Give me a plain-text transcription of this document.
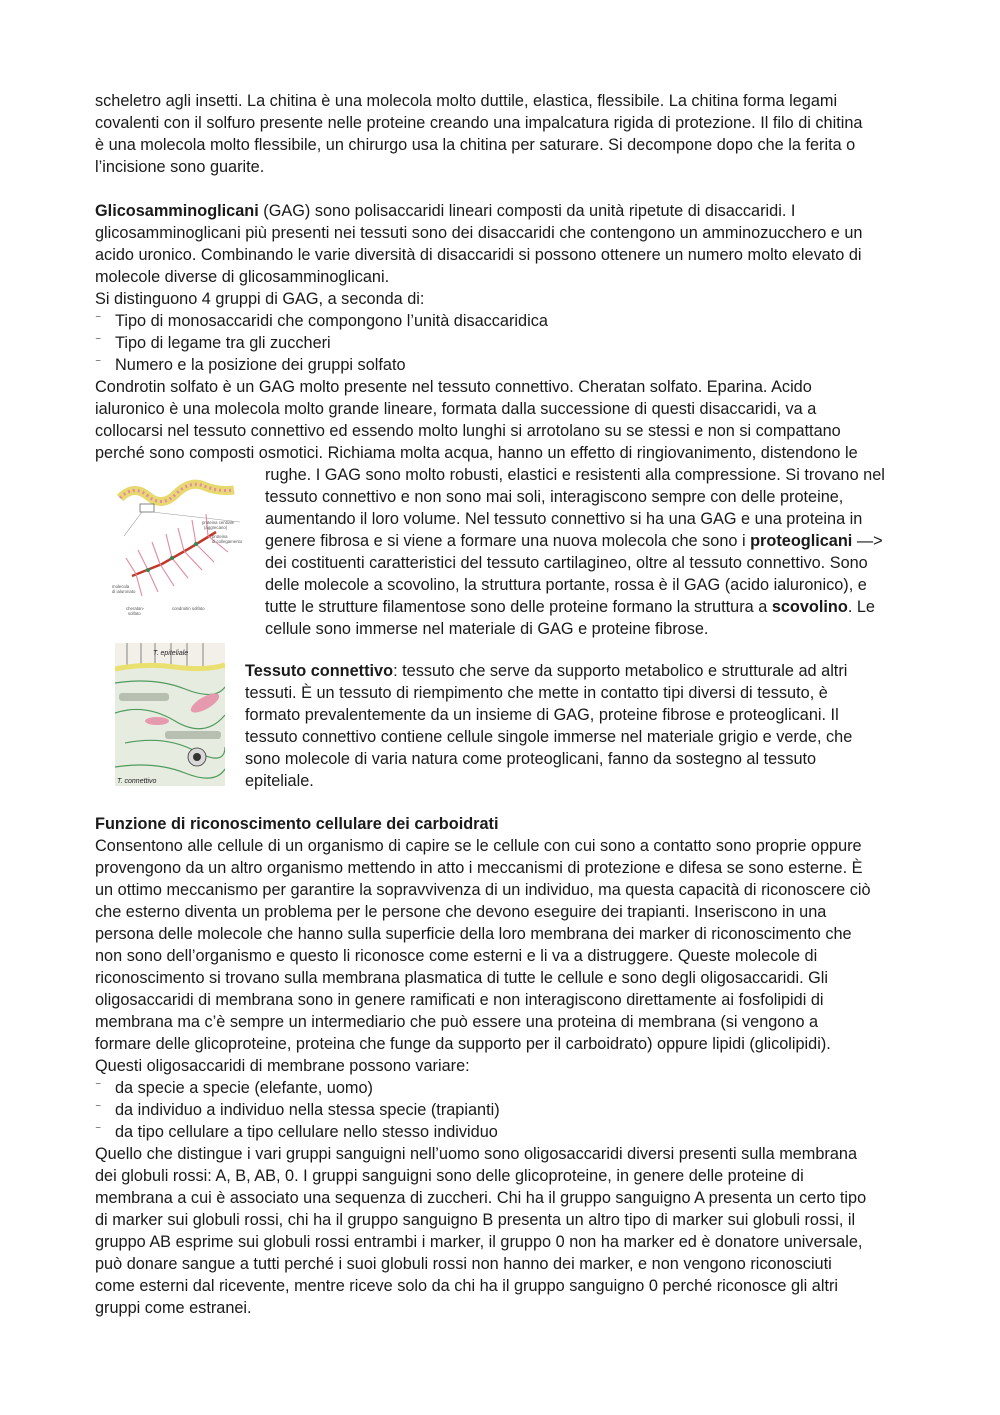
scheletro agli insetti. La chitina è una molecola molto duttile, elastica, flessibile. La chitina forma legami
covalenti con il solfuro presente nelle proteine creando una impalcatura rigida di protezione. Il filo di chitina
è una molecola molto flessibile, un chirurgo usa la chitina per saturare. Si decompone dopo che la ferita o
l’incisione sono guarite.
Glicosamminoglicani (GAG) sono polisaccaridi lineari composti da unità ripetute di disaccaridi. I
glicosamminoglicani più presenti nei tessuti sono dei disaccaridi che contengono un amminozucchero e un
acido uronico. Combinando le varie diversità di disaccaridi si possono ottenere un numero molto elevato di
molecole diverse di glicosamminoglicani.
Si distinguono 4 gruppi di GAG, a seconda di:
⁻ Tipo di monosaccaridi che compongono l’unità disaccaridica
⁻ Tipo di legame tra gli zuccheri
⁻ Numero e la posizione dei gruppi solfato
Condrotin solfato è un GAG molto presente nel tessuto connettivo. Cheratan solfato. Eparina. Acido
ialuronico è una molecola molto grande lineare, formata dalla successione di questi disaccaridi, va a
collocarsi nel tessuto connettivo ed essendo molto lunghi si arrotolano su se stessi e non si compattano
perché sono composti osmotici. Richiama molta acqua, hanno un effetto di ringiovanimento, distendono le
rughe. I GAG sono molto robusti, elastici e resistenti alla compressione. Si trovano nel
tessuto connettivo e non sono mai soli, interagiscono sempre con delle proteine,
aumentando il loro volume. Nel tessuto connettivo si ha una GAG e una proteina in
genere fibrosa e si viene a formare una nuova molecola che sono i proteoglicani —>
dei costituenti caratteristici del tessuto cartilagineo, oltre al tessuto connettivo. Sono
delle molecole a scovolino, la struttura portante, rossa è il GAG (acido ialuronico), e
tutte le strutture filamentose sono delle proteine formano la struttura a scovolino. Le
cellule sono immerse nel materiale di GAG e proteine fibrose.
proteina centrale
(aggrecano)
proteina
di collegamento
molecola
di ialuronato
cheratan-
solfato
condroitin solfato
T. epiteliale
T. connettivo
Tessuto connettivo: tessuto che serve da supporto metabolico e strutturale ad altri
tessuti. È un tessuto di riempimento che mette in contatto tipi diversi di tessuto, è
formato prevalentemente da un insieme di GAG, proteine fibrose e proteoglicani. Il
tessuto connettivo contiene cellule singole immerse nel materiale grigio e verde, che
sono molecole di varia natura come proteoglicani, fanno da sostegno al tessuto
epiteliale.
Funzione di riconoscimento cellulare dei carboidrati
Consentono alle cellule di un organismo di capire se le cellule con cui sono a contatto sono proprie oppure
provengono da un altro organismo mettendo in atto i meccanismi di protezione e difesa se sono esterne. È
un ottimo meccanismo per garantire la sopravvivenza di un individuo, ma questa capacità di riconoscere ciò
che esterno diventa un problema per le persone che devono eseguire dei trapianti. Inseriscono in una
persona delle molecole che hanno sulla superficie della loro membrana dei marker di riconoscimento che
non sono dell’organismo e questo li riconosce come esterni e li va a distruggere. Queste molecole di
riconoscimento si trovano sulla membrana plasmatica di tutte le cellule e sono degli oligosaccaridi. Gli
oligosaccaridi di membrana sono in genere ramificati e non interagiscono direttamente ai fosfolipidi di
membrana ma c’è sempre un intermediario che può essere una proteina di membrana (si vengono a
formare delle glicoproteine, proteina che funge da supporto per il carboidrato) oppure lipidi (glicolipidi).
Questi oligosaccaridi di membrane possono variare:
⁻ da specie a specie (elefante, uomo)
⁻ da individuo a individuo nella stessa specie (trapianti)
⁻ da tipo cellulare a tipo cellulare nello stesso individuo
Quello che distingue i vari gruppi sanguigni nell’uomo sono oligosaccaridi diversi presenti sulla membrana
dei globuli rossi: A, B, AB, 0. I gruppi sanguigni sono delle glicoproteine, in genere delle proteine di
membrana a cui è associato una sequenza di zuccheri. Chi ha il gruppo sanguigno A presenta un certo tipo
di marker sui globuli rossi, chi ha il gruppo sanguigno B presenta un altro tipo di marker sui globuli rossi, il
gruppo AB esprime sui globuli rossi entrambi i marker, il gruppo 0 non ha marker ed è donatore universale,
può donare sangue a tutti perché i suoi globuli rossi non hanno dei marker, e non vengono riconosciuti
come esterni dal ricevente, mentre riceve solo da chi ha il gruppo sanguigno 0 perché riconosce gli altri
gruppi come estranei.
